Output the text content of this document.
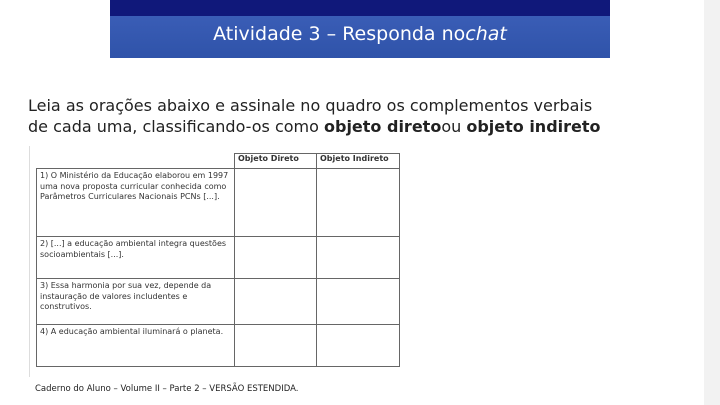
Atividade 3 – Responda nochat
Leia as orações abaixo e assinale no quadro os complementos verbais
de cada uma, classificando-os como objeto diretoou objeto indireto
	Objeto Direto	Objeto Indireto
1) O Ministério da Educação elaborou em 1997 uma nova proposta curricular conhecida como Parâmetros Curriculares Nacionais PCNs [...].		
2) [...] a educação ambiental integra questões socioambientais [...].		
3) Essa harmonia por sua vez, depende da instauração de valores includentes e construtivos.		
4) A educação ambiental iluminará o planeta.		
Caderno do Aluno – Volume II – Parte 2 – VERSÃO ESTENDIDA.
